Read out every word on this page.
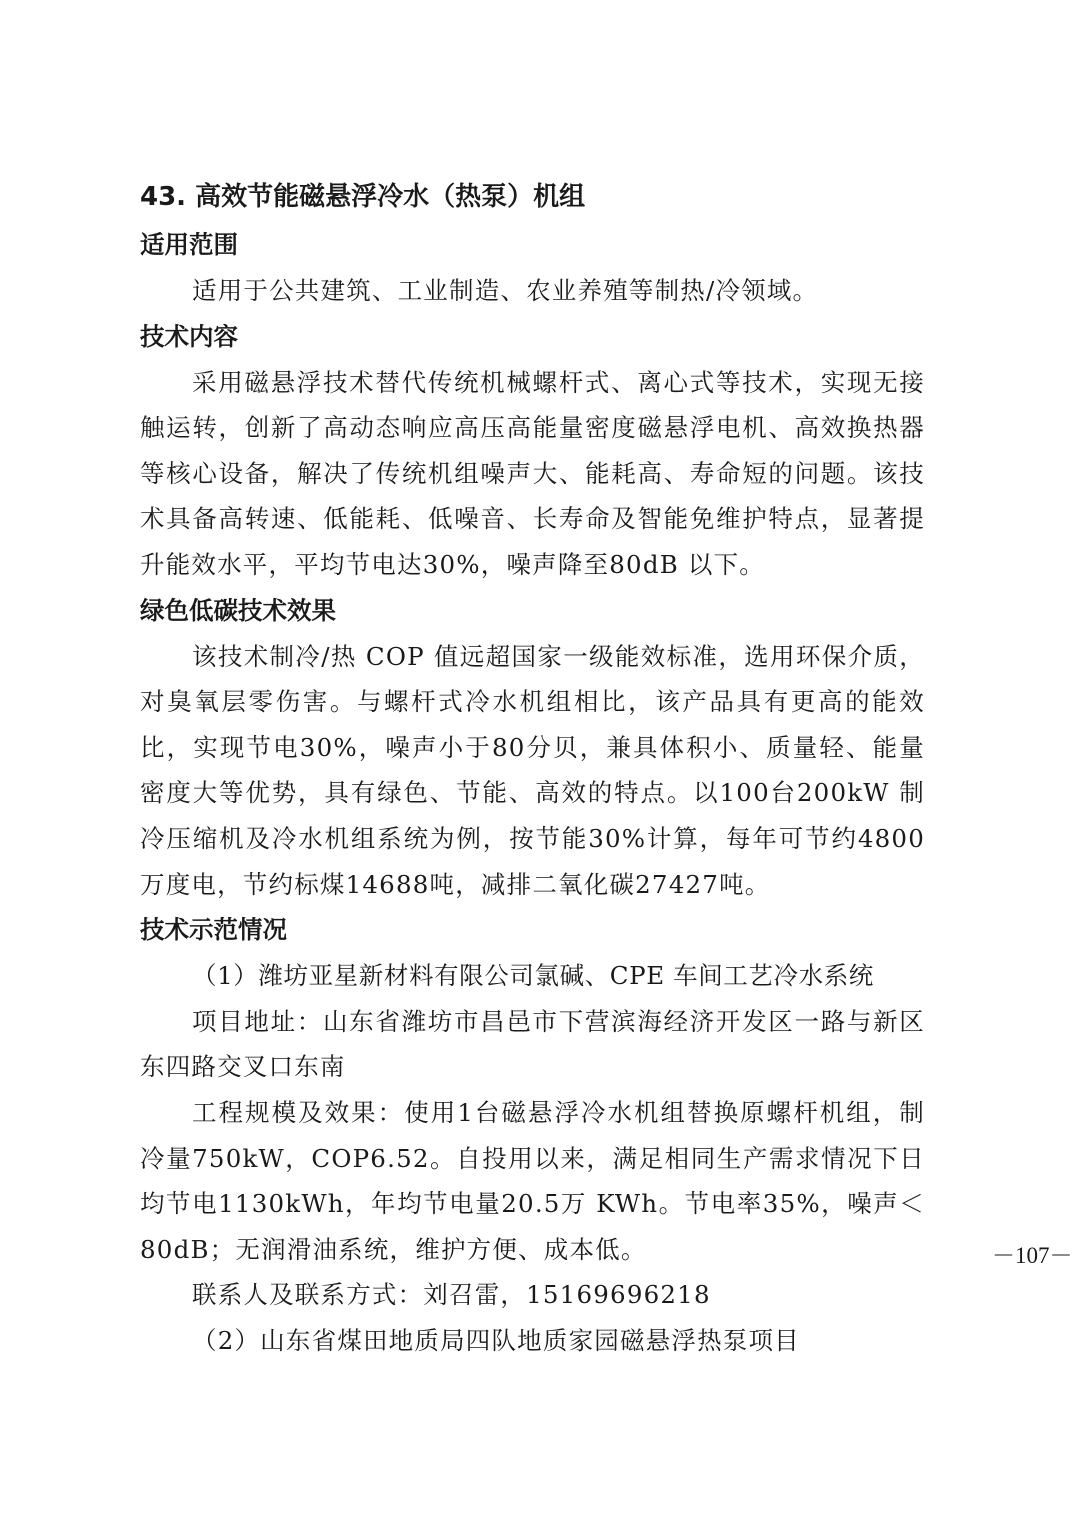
43. 高效节能磁悬浮冷水（热泵）机组
适用范围

适用于公共建筑、工业制造、农业养殖等制热/冷领域。

技术内容

采用磁悬浮技术替代传统机械螺杆式、离心式等技术，实现无接触运转，创新了高动态响应高压高能量密度磁悬浮电机、高效换热器等核心设备，解决了传统机组噪声大、能耗高、寿命短的问题。该技术具备高转速、低能耗、低噪音、长寿命及智能免维护特点，显著提升能效水平，平均节电达30%，噪声降至80dB 以下。

绿色低碳技术效果

该技术制冷/热 COP 值远超国家一级能效标准，选用环保介质，对臭氧层零伤害。与螺杆式冷水机组相比，该产品具有更高的能效比，实现节电30%，噪声小于80分贝，兼具体积小、质量轻、能量密度大等优势，具有绿色、节能、高效的特点。以100台200kW 制冷压缩机及冷水机组系统为例，按节能30%计算，每年可节约4800万度电，节约标煤14688吨，减排二氧化碳27427吨。

技术示范情况

（1）潍坊亚星新材料有限公司氯碱、CPE 车间工艺冷水系统

项目地址：山东省潍坊市昌邑市下营滨海经济开发区一路与新区东四路交叉口东南

工程规模及效果：使用1台磁悬浮冷水机组替换原螺杆机组，制冷量750kW，COP6.52。自投用以来，满足相同生产需求情况下日均节电1130kWh，年均节电量20.5万 KWh。节电率35%，噪声＜80dB；无润滑油系统，维护方便、成本低。

联系人及联系方式：刘召雷，15169696218

（2）山东省煤田地质局四队地质家园磁悬浮热泵项目

－107－
